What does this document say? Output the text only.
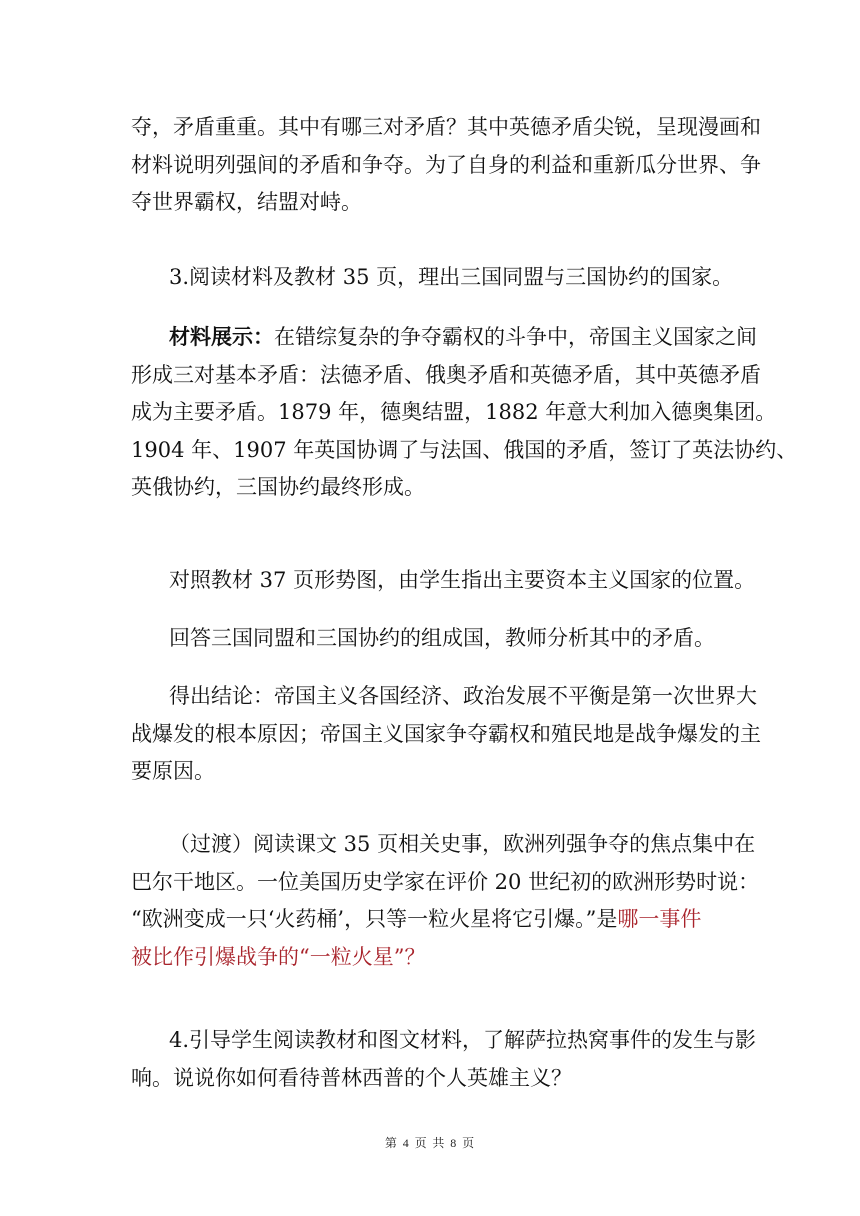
夺，矛盾重重。其中有哪三对矛盾？其中英德矛盾尖锐，呈现漫画和
材料说明列强间的矛盾和争夺。为了自身的利益和重新瓜分世界、争
夺世界霸权，结盟对峙。

3.阅读材料及教材 35 页，理出三国同盟与三国协约的国家。

材料展示：在错综复杂的争夺霸权的斗争中，帝国主义国家之间
形成三对基本矛盾：法德矛盾、俄奥矛盾和英德矛盾，其中英德矛盾
成为主要矛盾。1879 年，德奥结盟，1882 年意大利加入德奥集团。
1904 年、1907 年英国协调了与法国、俄国的矛盾，签订了英法协约、
英俄协约，三国协约最终形成。

对照教材 37 页形势图，由学生指出主要资本主义国家的位置。

回答三国同盟和三国协约的组成国，教师分析其中的矛盾。

得出结论：帝国主义各国经济、政治发展不平衡是第一次世界大
战爆发的根本原因；帝国主义国家争夺霸权和殖民地是战争爆发的主
要原因。

（过渡）阅读课文 35 页相关史事，欧洲列强争夺的焦点集中在
巴尔干地区。一位美国历史学家在评价 20 世纪初的欧洲形势时说：
“欧洲变成一只‘火药桶’，只等一粒火星将它引爆。”是哪一事件
被比作引爆战争的“一粒火星”？

4.引导学生阅读教材和图文材料，了解萨拉热窝事件的发生与影
响。说说你如何看待普林西普的个人英雄主义？

第 4 页 共 8 页
